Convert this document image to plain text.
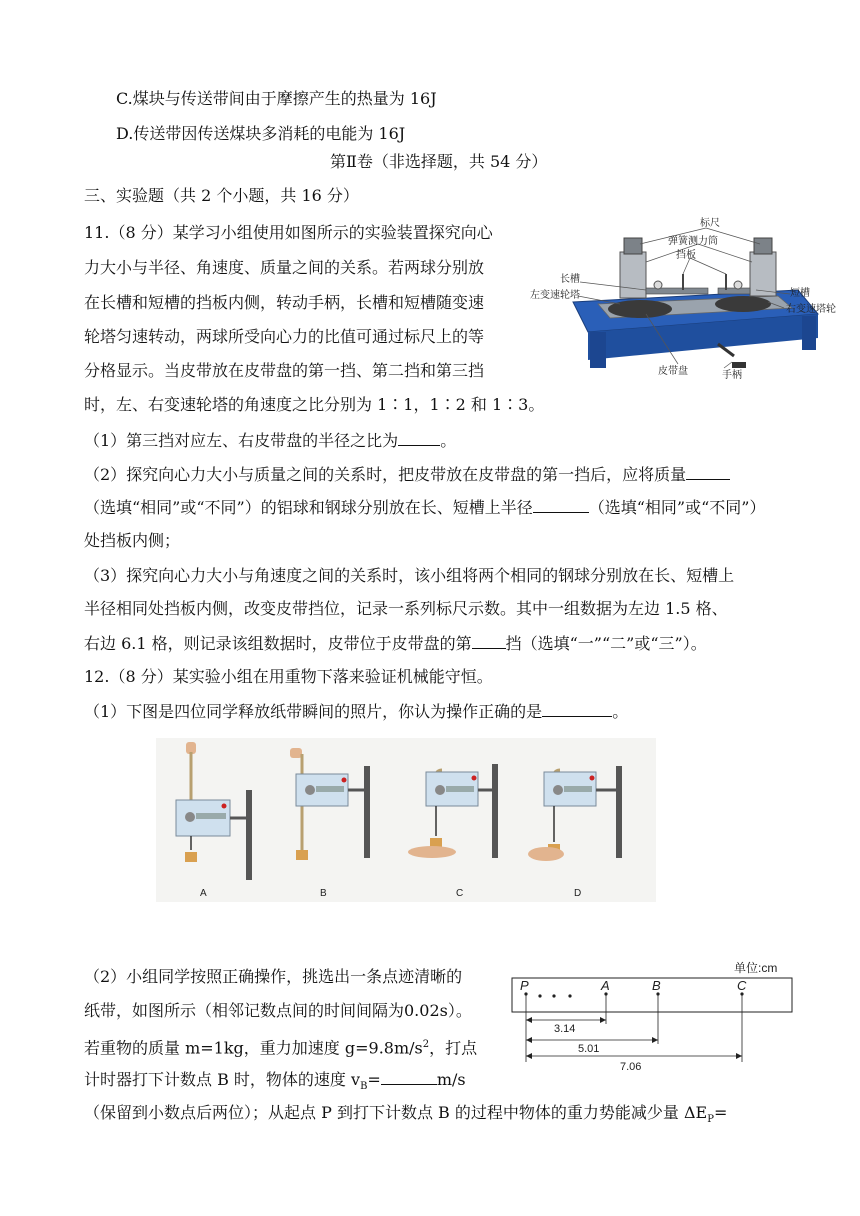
C.煤块与传送带间由于摩擦产生的热量为 16J
D.传送带因传送煤块多消耗的电能为 16J
第Ⅱ卷（非选择题，共 54 分）
三、实验题（共 2 个小题，共 16 分）
11.（8 分）某学习小组使用如图所示的实验装置探究向心
力大小与半径、角速度、质量之间的关系。若两球分别放
在长槽和短槽的挡板内侧，转动手柄，长槽和短槽随变速
轮塔匀速转动，两球所受向心力的比值可通过标尺上的等
分格显示。当皮带放在皮带盘的第一挡、第二挡和第三挡
时，左、右变速轮塔的角速度之比分别为 1∶1，1∶2 和 1∶3。
标尺
弹簧测力筒
挡板
长槽
左变速轮塔	短槽
右变速塔轮
皮带盘	手柄
（1）第三挡对应左、右皮带盘的半径之比为	。
（2）探究向心力大小与质量之间的关系时，把皮带放在皮带盘的第一挡后，应将质量
（选填“相同”或“不同”）的铝球和钢球分别放在长、短槽上半径	（选填“相同”或“不同”）
处挡板内侧；
（3）探究向心力大小与角速度之间的关系时，该小组将两个相同的钢球分别放在长、短槽上
半径相同处挡板内侧，改变皮带挡位，记录一系列标尺示数。其中一组数据为左边 1.5 格、
右边 6.1 格，则记录该组数据时，皮带位于皮带盘的第 挡（选填“一”“二”或“三”）。
12.（8 分）某实验小组在用重物下落来验证机械能守恒。
（1）下图是四位同学释放纸带瞬间的照片，你认为操作正确的是	。
A	B	C	D
（2）小组同学按照正确操作，挑选出一条点迹清晰的
纸带，如图所示（相邻记数点间的时间间隔为0.02s）。
若重物的质量 m=1kg，重力加速度 $g=9.8m/s^2$，打点
计时器打下计数点 B 时，物体的速度 $v_B=$	m/s
（保留到小数点后两位）；从起点 P 到打下计数点 B 的过程中物体的重力势能减少量 $\Delta E_P=$
单位:cm
P	A	B	C
3.14
5.01
7.06
